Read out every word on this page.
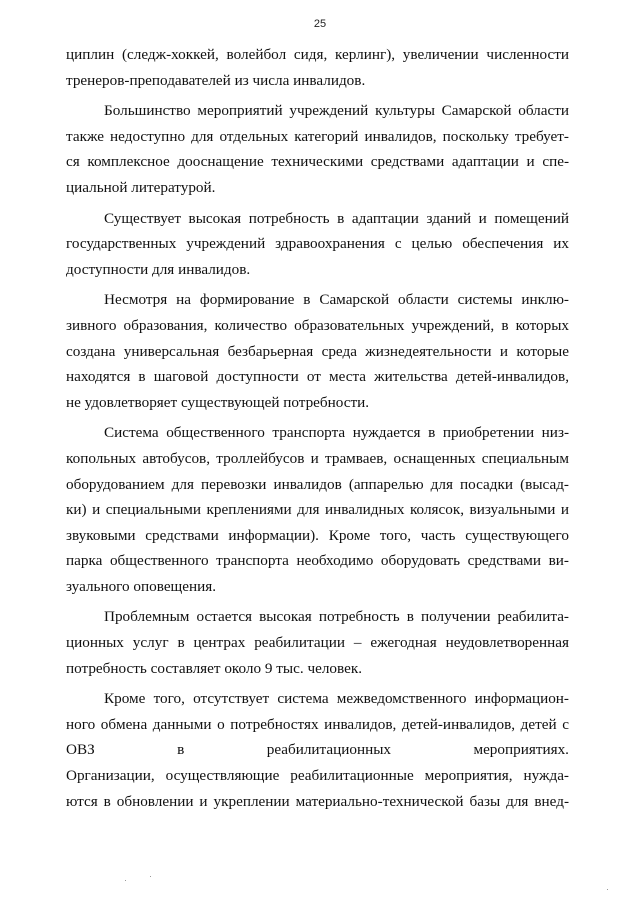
25
циплин (следж-хоккей, волейбол сидя, керлинг), увеличении численности
тренеров-преподавателей из числа инвалидов.
Большинство мероприятий учреждений культуры Самарской области
также недоступно для отдельных категорий инвалидов, поскольку требует-
ся комплексное дооснащение техническими средствами адаптации и спе-
циальной литературой.
Существует высокая потребность в адаптации зданий и помещений
государственных учреждений здравоохранения с целью обеспечения их
доступности для инвалидов.
Несмотря на формирование в Самарской области системы инклю-
зивного образования, количество образовательных учреждений, в которых
создана универсальная безбарьерная среда жизнедеятельности и которые
находятся в шаговой доступности от места жительства детей-инвалидов,
не удовлетворяет существующей потребности.
Система общественного транспорта нуждается в приобретении низ-
копольных автобусов, троллейбусов и трамваев, оснащенных специальным
оборудованием для перевозки инвалидов (аппарелью для посадки (высад-
ки) и специальными креплениями для инвалидных колясок, визуальными и
звуковыми средствами информации). Кроме того, часть существующего
парка общественного транспорта необходимо оборудовать средствами ви-
зуального оповещения.
Проблемным остается высокая потребность в получении реабилита-
ционных услуг в центрах реабилитации – ежегодная неудовлетворенная
потребность составляет около 9 тыс. человек.
Кроме того, отсутствует система межведомственного информацион-
ного обмена данными о потребностях инвалидов, детей-инвалидов, детей с
ОВЗ	в	реабилитационных	мероприятиях.
Организации, осуществляющие реабилитационные мероприятия, нужда-
ются в обновлении и укреплении материально-технической базы для внед-
